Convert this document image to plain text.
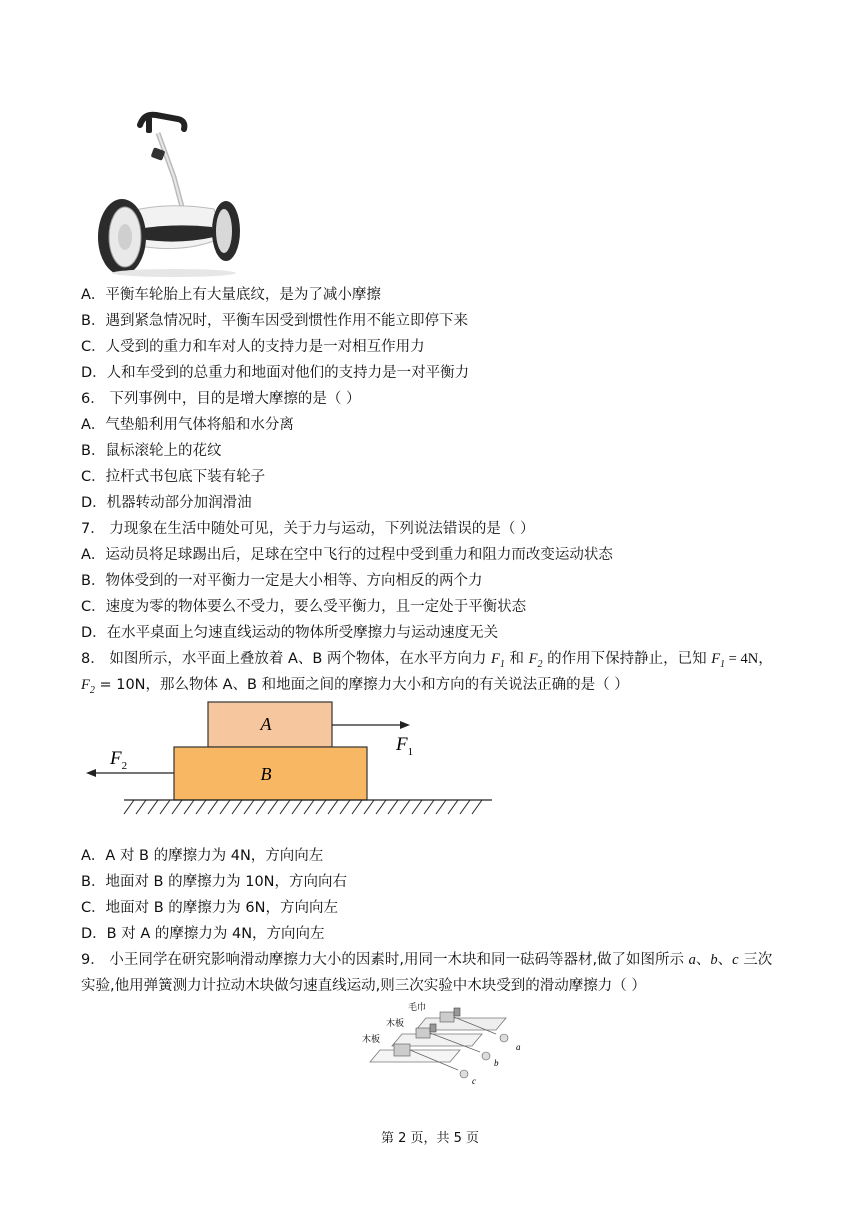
A．平衡车轮胎上有大量底纹，是为了减小摩擦
B．遇到紧急情况时，平衡车因受到惯性作用不能立即停下来
C．人受到的重力和车对人的支持力是一对相互作用力
D．人和车受到的总重力和地面对他们的支持力是一对平衡力
6． 下列事例中，目的是增大摩擦的是（ ）
A．气垫船利用气体将船和水分离
B．鼠标滚轮上的花纹
C．拉杆式书包底下装有轮子
D．机器转动部分加润滑油
7． 力现象在生活中随处可见，关于力与运动，下列说法错误的是（ ）
A．运动员将足球踢出后，足球在空中飞行的过程中受到重力和阻力而改变运动状态
B．物体受到的一对平衡力一定是大小相等、方向相反的两个力
C．速度为零的物体要么不受力，要么受平衡力，且一定处于平衡状态
D．在水平桌面上匀速直线运动的物体所受摩擦力与运动速度无关
8． 如图所示，水平面上叠放着 A、B 两个物体，在水平方向力 $F_1$ 和 $F_2$ 的作用下保持静止，已知 $F_1 = 4N$，
$F_2 = 10N$，那么物体 A、B 和地面之间的摩擦力大小和方向的有关说法正确的是（ ）
A
B
$F_1$
$F_2$
A．A 对 B 的摩擦力为 4N，方向向左
B．地面对 B 的摩擦力为 10N，方向向右
C．地面对 B 的摩擦力为 6N，方向向左
D．B 对 A 的摩擦力为 4N，方向向左
9． 小王同学在研究影响滑动摩擦力大小的因素时,用同一木块和同一砝码等器材,做了如图所示 a、b、c 三次
实验,他用弹簧测力计拉动木块做匀速直线运动,则三次实验中木块受到的滑动摩擦力（ ）
毛巾
木板
木板
a
b
c
第 2 页，共 5 页
